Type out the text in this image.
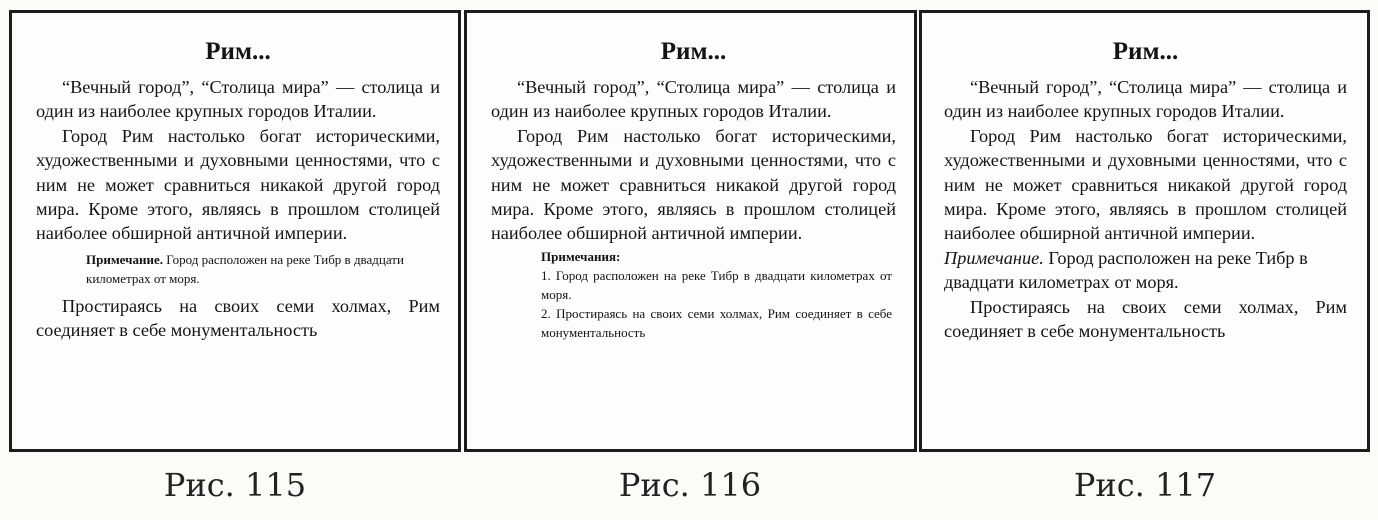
Рим...

“Вечный город”, “Столица мира” — столица и один из наиболее крупных городов Италии.

Город Рим настолько богат историческими, художественными и духовными ценностями, что с ним не может сравниться никакой другой город мира. Кроме этого, являясь в прошлом столицей наиболее обширной античной империи.

Примечание. Город расположен на реке Тибр в двадцати километрах от моря.

Простираясь на своих семи холмах, Рим соединяет в себе монументальность

Рим...

“Вечный город”, “Столица мира” — столица и один из наиболее крупных городов Италии.

Город Рим настолько богат историческими, художественными и духовными ценностями, что с ним не может сравниться никакой другой город мира. Кроме этого, являясь в прошлом столицей наиболее обширной античной империи.

Примечания:
1. Город расположен на реке Тибр в двадцати километрах от моря.
2. Простираясь на своих семи холмах, Рим соединяет в себе монументальность
Рим...

“Вечный город”, “Столица мира” — столица и один из наиболее крупных городов Италии.

Город Рим настолько богат историческими, художественными и духовными ценностями, что с ним не может сравниться никакой другой город мира. Кроме этого, являясь в прошлом столицей наиболее обширной античной империи.

Примечание. Город расположен на реке Тибр в двадцати километрах от моря.

Простираясь на своих семи холмах, Рим соединяет в себе монументальность

Рис. 115	Рис. 116	Рис. 117
